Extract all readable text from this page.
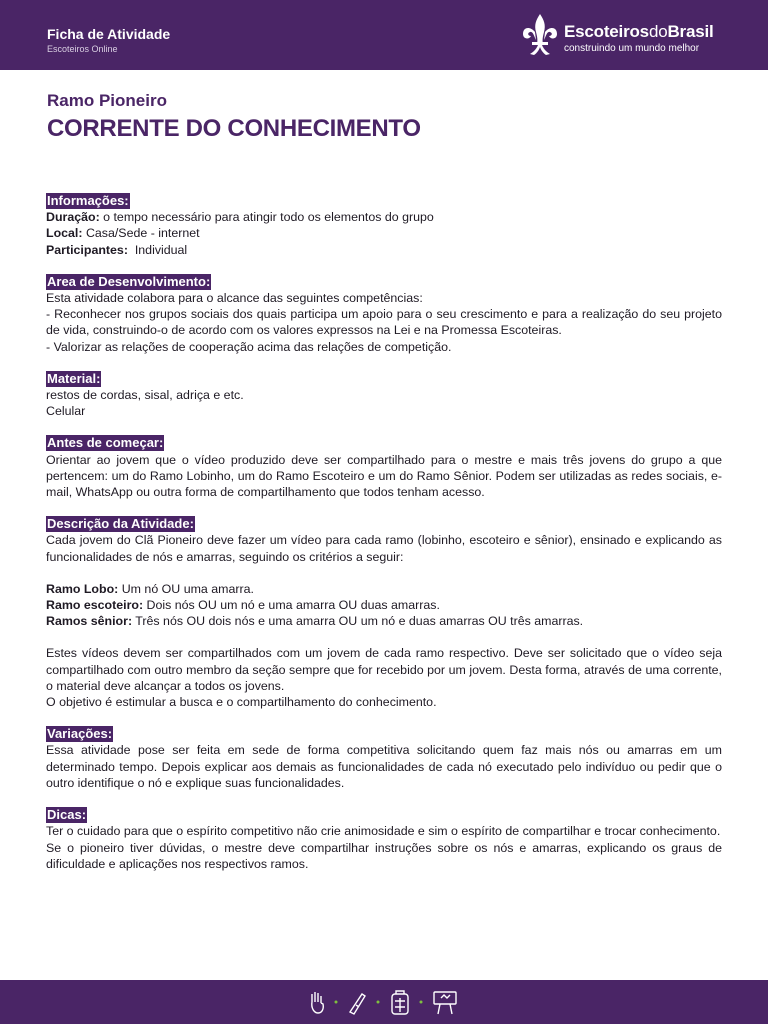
Ficha de Atividade
Escoteiros Online
EscoteirosdoBrasil
construindo um mundo melhor
Ramo Pioneiro
CORRENTE DO CONHECIMENTO
Informações:

Duração: o tempo necessário para atingir todo os elementos do grupo

Local: Casa/Sede - internet

Participantes:  Individual

Area de Desenvolvimento:

Esta atividade colabora para o alcance das seguintes competências:

- Reconhecer nos grupos sociais dos quais participa um apoio para o seu crescimento e para a realização do seu projeto de vida, construindo-o de acordo com os valores expressos na Lei e na Promessa Escoteiras.

- Valorizar as relações de cooperação acima das relações de competição.

Material:

restos de cordas, sisal, adriça e etc.

Celular

Antes de começar:

Orientar ao jovem que o vídeo produzido deve ser compartilhado para o mestre e mais três jovens do grupo a que pertencem: um do Ramo Lobinho, um do Ramo Escoteiro e um do Ramo Sênior. Podem ser utilizadas as redes sociais, e-mail, WhatsApp ou outra forma de compartilhamento que todos tenham acesso.

Descrição da Atividade:

Cada jovem do Clã Pioneiro deve fazer um vídeo para cada ramo (lobinho, escoteiro e sênior), ensinado e explicando as funcionalidades de nós e amarras, seguindo os critérios a seguir:

Ramo Lobo: Um nó OU uma amarra.

Ramo escoteiro: Dois nós OU um nó e uma amarra OU duas amarras.

Ramos sênior: Três nós OU dois nós e uma amarra OU um nó e duas amarras OU três amarras.

Estes vídeos devem ser compartilhados com um jovem de cada ramo respectivo. Deve ser solicitado que o vídeo seja compartilhado com outro membro da seção sempre que for recebido por um jovem. Desta forma, através de uma corrente, o material deve alcançar a todos os jovens.

O objetivo é estimular a busca e o compartilhamento do conhecimento.

Variações:

Essa atividade pose ser feita em sede de forma competitiva solicitando quem faz mais nós ou amarras em um determinado tempo. Depois explicar aos demais as funcionalidades de cada nó executado pelo indivíduo ou pedir que o outro identifique o nó e explique suas funcionalidades.

Dicas:

Ter o cuidado para que o espírito competitivo não crie animosidade e sim o espírito de compartilhar e trocar conhecimento.

Se o pioneiro tiver dúvidas, o mestre deve compartilhar instruções sobre os nós e amarras, explicando os graus de dificuldade e aplicações nos respectivos ramos.
